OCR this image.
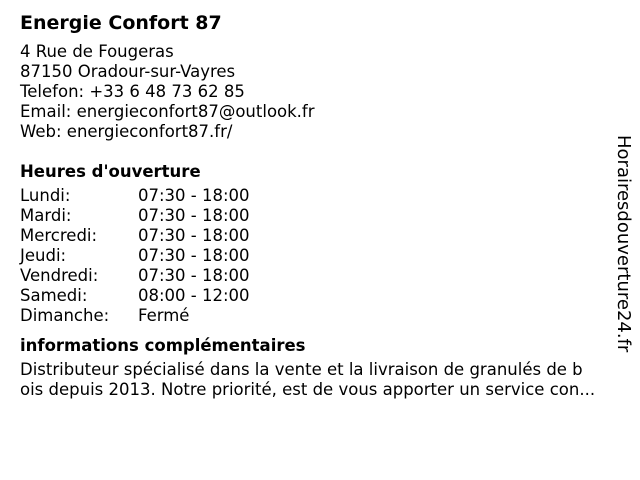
Energie Confort 87
4 Rue de Fougeras
87150 Oradour-sur-Vayres
Telefon: +33 6 48 73 62 85
Email: energieconfort87@outlook.fr
Web: energieconfort87.fr/
Heures d'ouverture
Lundi:	07:30 - 18:00
Mardi:	07:30 - 18:00
Mercredi:	07:30 - 18:00
Jeudi:	07:30 - 18:00
Vendredi:	07:30 - 18:00
Samedi:	08:00 - 12:00
Dimanche:	Fermé
informations complémentaires
Distributeur spécialisé dans la vente et la livraison de granulés de b
ois depuis 2013. Notre priorité, est de vous apporter un service con...
Horairesdouverture24.fr
